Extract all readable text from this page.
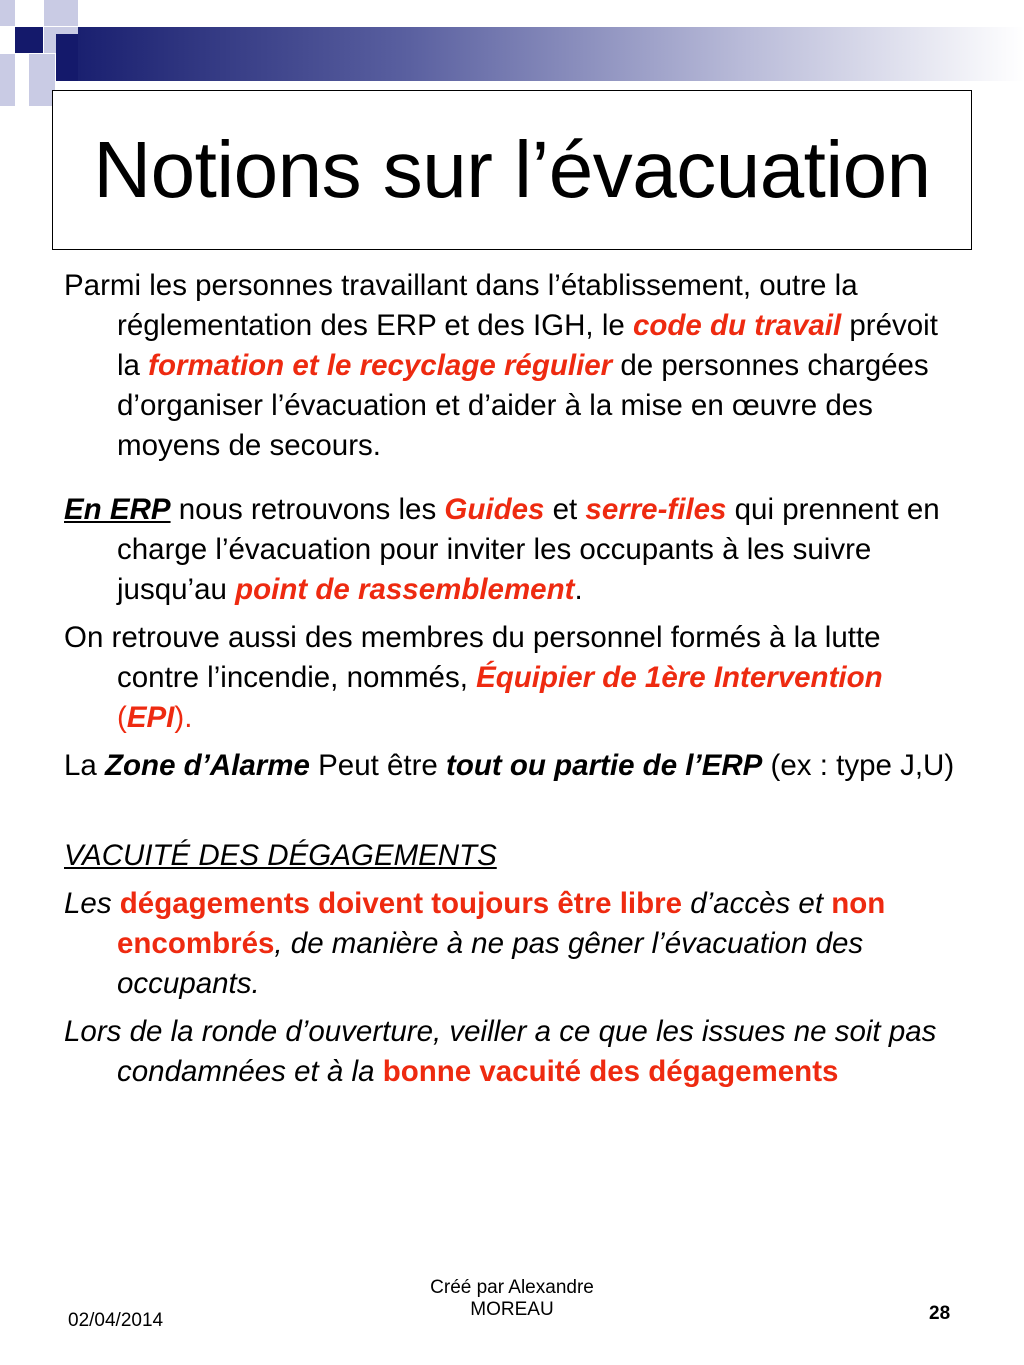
Notions sur l’évacuation

Parmi les personnes travaillant dans l’établissement, outre la réglementation des ERP et des IGH, le code du travail prévoit la formation et le recyclage régulier de personnes chargées d’organiser l’évacuation et d’aider à la mise en œuvre des moyens de secours.

En ERP nous retrouvons les Guides et serre-files qui prennent en charge l’évacuation pour inviter les occupants à les suivre jusqu’au point de rassemblement.

On retrouve aussi des membres du personnel formés à la lutte contre l’incendie, nommés, Équipier de 1ère Intervention (EPI).

La Zone d’Alarme Peut être tout ou partie de l’ERP (ex : type J,U)

VACUITÉ DES DÉGAGEMENTS

Les dégagements doivent toujours être libre d’accès et non encombrés, de manière à ne pas gêner l’évacuation des occupants.

Lors de la ronde d’ouverture, veiller a ce que les issues ne soit pas condamnées et à la bonne vacuité des dégagements

02/04/2014
Créé par Alexandre
MOREAU	28
